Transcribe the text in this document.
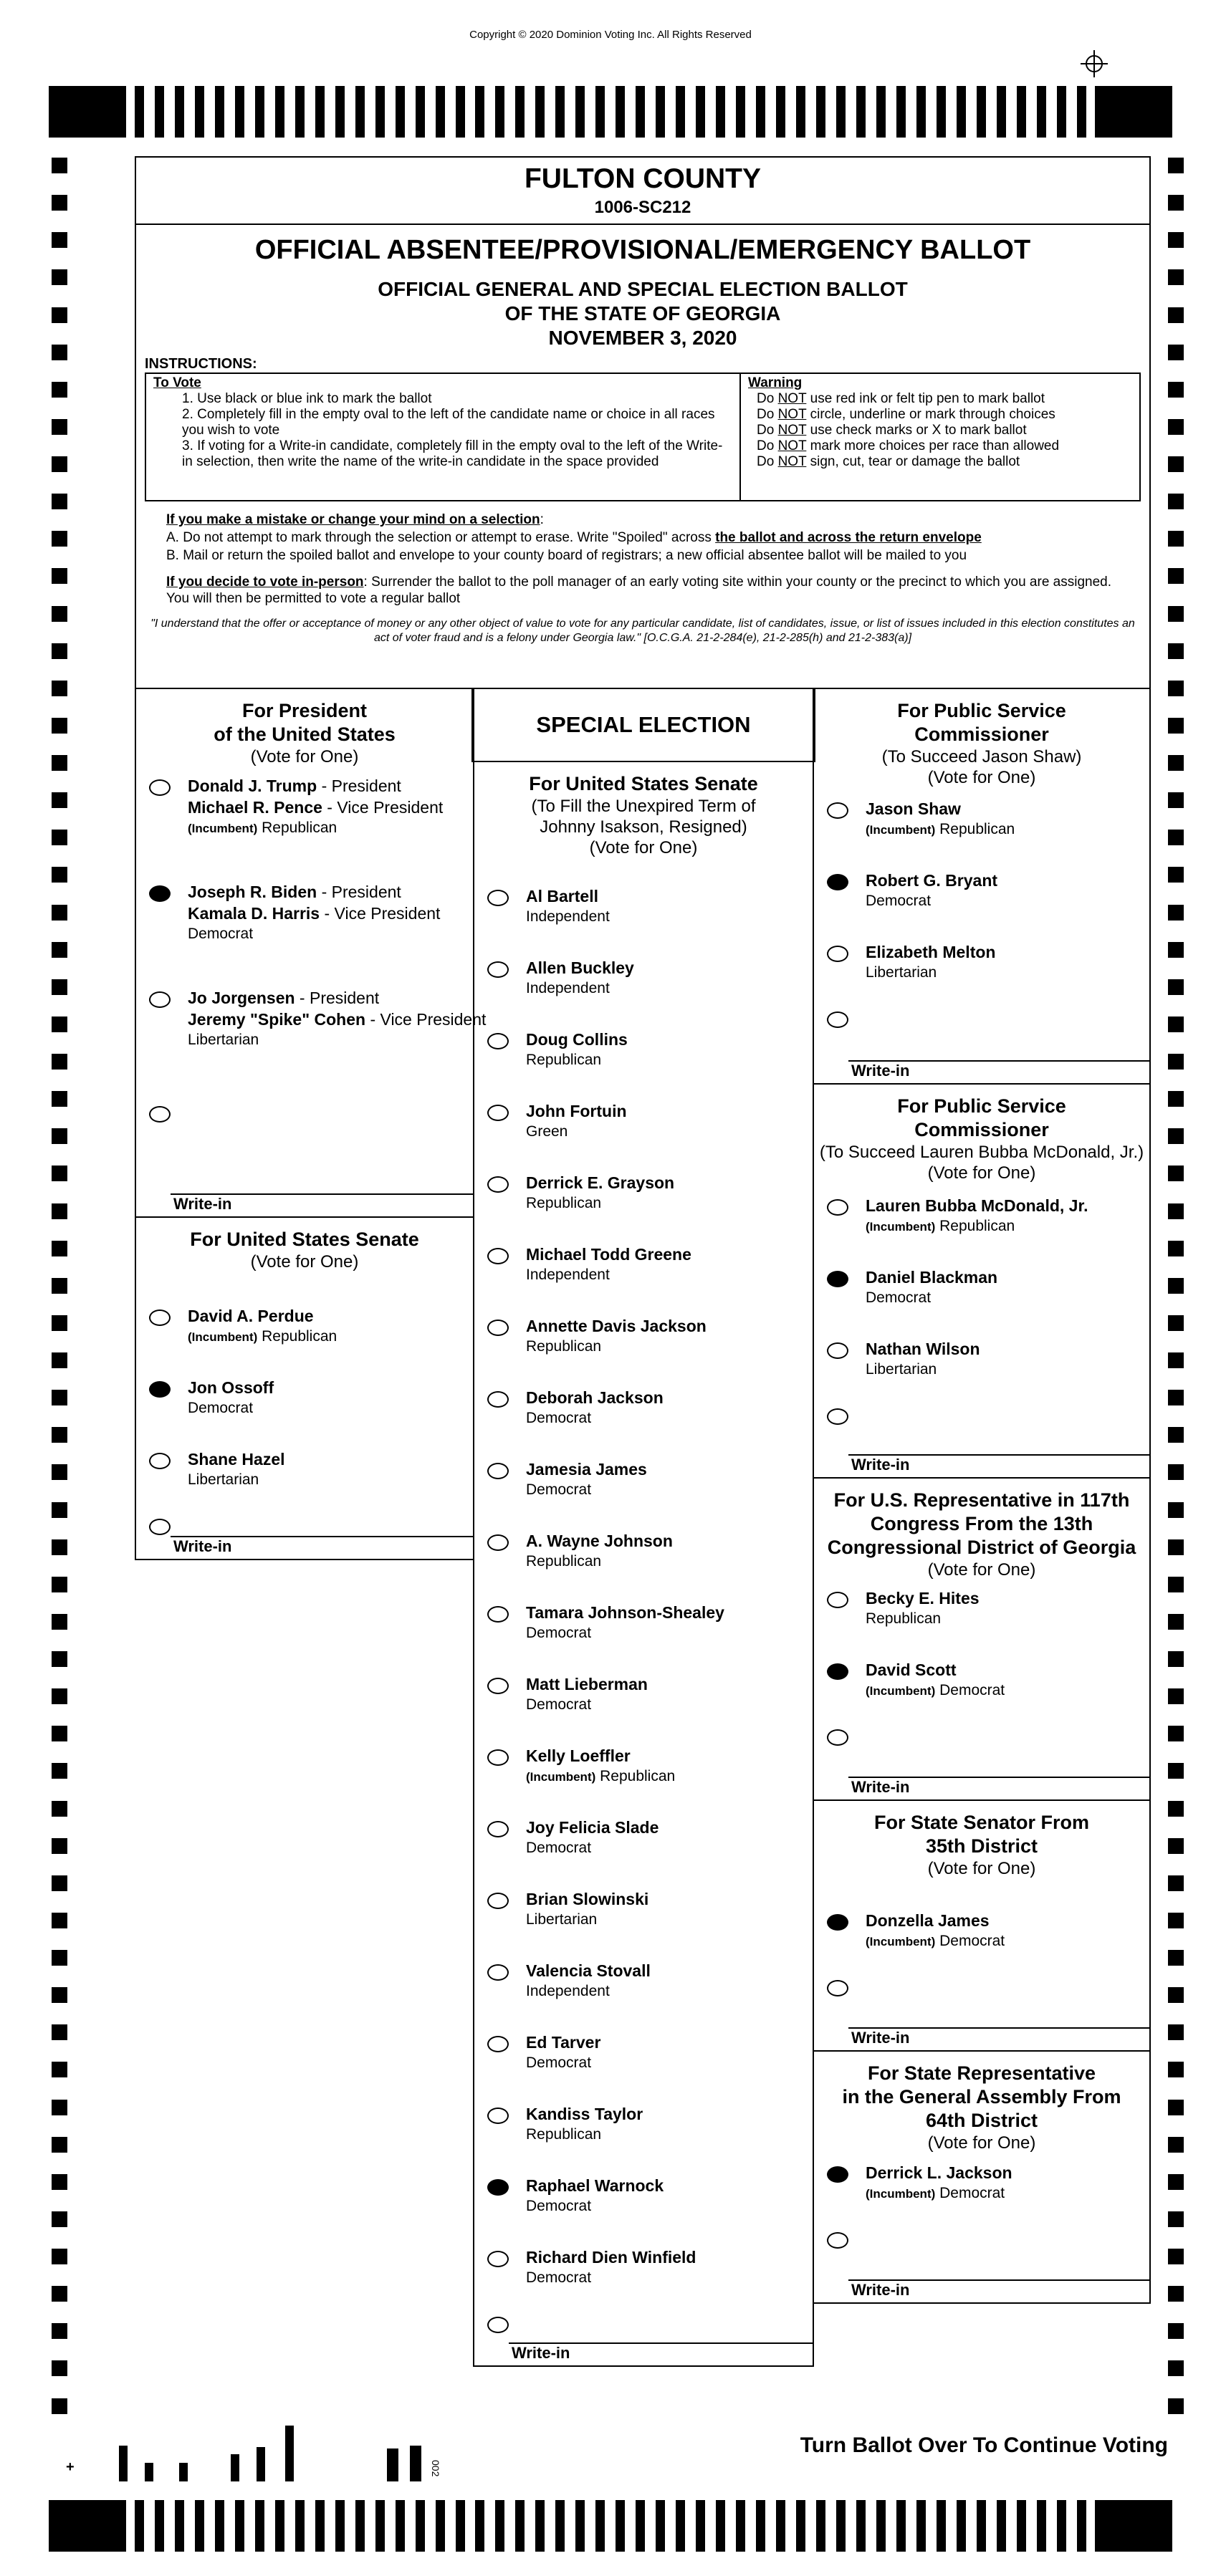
Copyright © 2020 Dominion Voting Inc. All Rights Reserved
FULTON COUNTY
1006-SC212
OFFICIAL ABSENTEE/PROVISIONAL/EMERGENCY BALLOT
OFFICIAL GENERAL AND SPECIAL ELECTION BALLOT
OF THE STATE OF GEORGIA
NOVEMBER 3, 2020
INSTRUCTIONS:
To Vote
1. Use black or blue ink to mark the ballot
2. Completely fill in the empty oval to the left of the candidate name or choice in all races you wish to vote
3. If voting for a Write-in candidate, completely fill in the empty oval to the left of the Write-in selection, then write the name of the write-in candidate in the space provided
Warning
Do NOT use red ink or felt tip pen to mark ballot
Do NOT circle, underline or mark through choices
Do NOT use check marks or X to mark ballot
Do NOT mark more choices per race than allowed
Do NOT sign, cut, tear or damage the ballot

If you make a mistake or change your mind on a selection:

A. Do not attempt to mark through the selection or attempt to erase. Write "Spoiled" across the ballot and across the return envelope

B. Mail or return the spoiled ballot and envelope to your county board of registrars; a new official absentee ballot will be mailed to you

If you decide to vote in-person: Surrender the ballot to the poll manager of an early voting site within your county or the precinct to which you are assigned. You will then be permitted to vote a regular ballot

"I understand that the offer or acceptance of money or any other object of value to vote for any particular candidate, list of candidates, issue, or list of issues included in this election constitutes an act of voter fraud and is a felony under Georgia law." [O.C.G.A. 21-2-284(e), 21-2-285(h) and 21-2-383(a)]
For President
of the United States
(Vote for One)
Donald J. Trump - President
Michael R. Pence - Vice President
(Incumbent) Republican
Joseph R. Biden - President
Kamala D. Harris - Vice President
Democrat
Jo Jorgensen - President
Jeremy "Spike" Cohen - Vice President
Libertarian
Write-in
For United States Senate
(Vote for One)
David A. Perdue
(Incumbent) Republican
Jon Ossoff
Democrat
Shane Hazel
Libertarian
Write-in
SPECIAL ELECTION
For United States Senate
(To Fill the Unexpired Term of
Johnny Isakson, Resigned)
(Vote for One)
Al Bartell
Independent
Allen Buckley
Independent
Doug Collins
Republican
John Fortuin
Green
Derrick E. Grayson
Republican
Michael Todd Greene
Independent
Annette Davis Jackson
Republican
Deborah Jackson
Democrat
Jamesia James
Democrat
A. Wayne Johnson
Republican
Tamara Johnson-Shealey
Democrat
Matt Lieberman
Democrat
Kelly Loeffler
(Incumbent) Republican
Joy Felicia Slade
Democrat
Brian Slowinski
Libertarian
Valencia Stovall
Independent
Ed Tarver
Democrat
Kandiss Taylor
Republican
Raphael Warnock
Democrat
Richard Dien Winfield
Democrat
Write-in
For Public Service
Commissioner
(To Succeed Jason Shaw)
(Vote for One)
Jason Shaw
(Incumbent) Republican
Robert G. Bryant
Democrat
Elizabeth Melton
Libertarian
Write-in
For Public Service
Commissioner
(To Succeed Lauren Bubba McDonald, Jr.)
(Vote for One)
Lauren Bubba McDonald, Jr.
(Incumbent) Republican
Daniel Blackman
Democrat
Nathan Wilson
Libertarian
Write-in
For U.S. Representative in 117th
Congress From the 13th
Congressional District of Georgia
(Vote for One)
Becky E. Hites
Republican
David Scott
(Incumbent) Democrat
Write-in
For State Senator From
35th District
(Vote for One)
Donzella James
(Incumbent) Democrat
Write-in
For State Representative
in the General Assembly From
64th District
(Vote for One)
Derrick L. Jackson
(Incumbent) Democrat
Write-in
+	002
Turn Ballot Over To Continue Voting
